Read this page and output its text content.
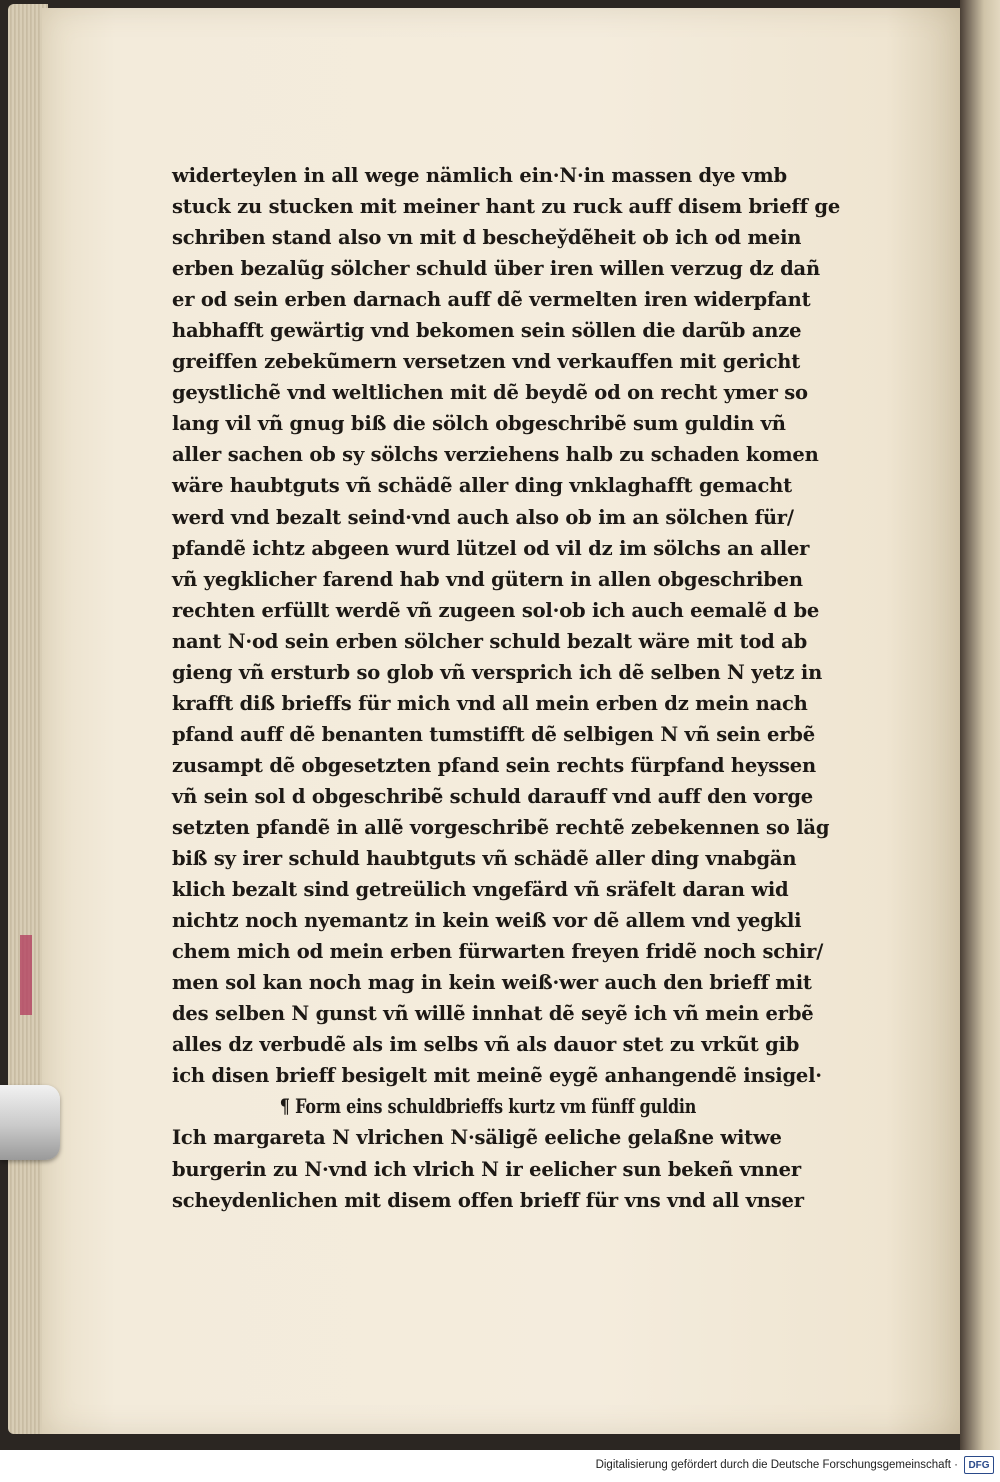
widerteylen in all wege nämlich ein·N·in massen dye vmb
stuck zu stucken mit meiner hant zu ruck auff disem brieff ge
schriben stand also vn mit d beschey̆dẽheit ob ich od mein
erben bezalũg sölcher schuld über iren willen verzug dz dañ
er od sein erben darnach auff dẽ vermelten iren widerpfant
habhafft gewärtig vnd bekomen sein söllen die darũb anze
greiffen zebekũmern versetzen vnd verkauffen mit gericht
geystlichẽ vnd weltlichen mit dẽ beydẽ od on recht ymer so
lang vil vñ gnug biß die sölch obgeschribẽ sum guldin vñ
aller sachen ob sy sölchs verziehens halb zu schaden komen
wäre haubtguts vñ schädẽ aller ding vnklaghafft gemacht
werd vnd bezalt seind·vnd auch also ob im an sölchen für/
pfandẽ ichtz abgeen wurd lützel od vil dz im sölchs an aller
vñ yegklicher farend hab vnd gütern in allen obgeschriben
rechten erfüllt werdẽ vñ zugeen sol·ob ich auch eemalẽ d be
nant N·od sein erben sölcher schuld bezalt wäre mit tod ab
gieng vñ ersturb so glob vñ versprich ich dẽ selben N yetz in
krafft diß brieffs für mich vnd all mein erben dz mein nach
pfand auff dẽ benanten tumstifft dẽ selbigen N vñ sein erbẽ
zusampt dẽ obgesetzten pfand sein rechts fürpfand heyssen
vñ sein sol d obgeschribẽ schuld darauff vnd auff den vorge
setzten pfandẽ in allẽ vorgeschribẽ rechtẽ zebekennen so läg
biß sy irer schuld haubtguts vñ schädẽ aller ding vnabgän
klich bezalt sind getreülich vngefärd vñ sräfelt daran wid
nichtz noch nyemantz in kein weiß vor dẽ allem vnd yegkli
chem mich od mein erben fürwarten freyen fridẽ noch schir/
men sol kan noch mag in kein weiß·wer auch den brieff mit
des selben N gunst vñ willẽ innhat dẽ seyẽ ich vñ mein erbẽ
alles dz verbudẽ als im selbs vñ als dauor stet zu vrkũt gib
ich disen brieff besigelt mit meinẽ eygẽ anhangendẽ insigel·
¶ Form eins schuldbrieffs kurtz vm fünff guldin
Ich margareta N vlrichen N·säligẽ eeliche gelaßne witwe
burgerin zu N·vnd ich vlrich N ir eelicher sun bekeñ vnner
scheydenlichen mit disem offen brieff für vns vnd all vnser
Digitalisierung gefördert durch die Deutsche Forschungsgemeinschaft ·	DFG
